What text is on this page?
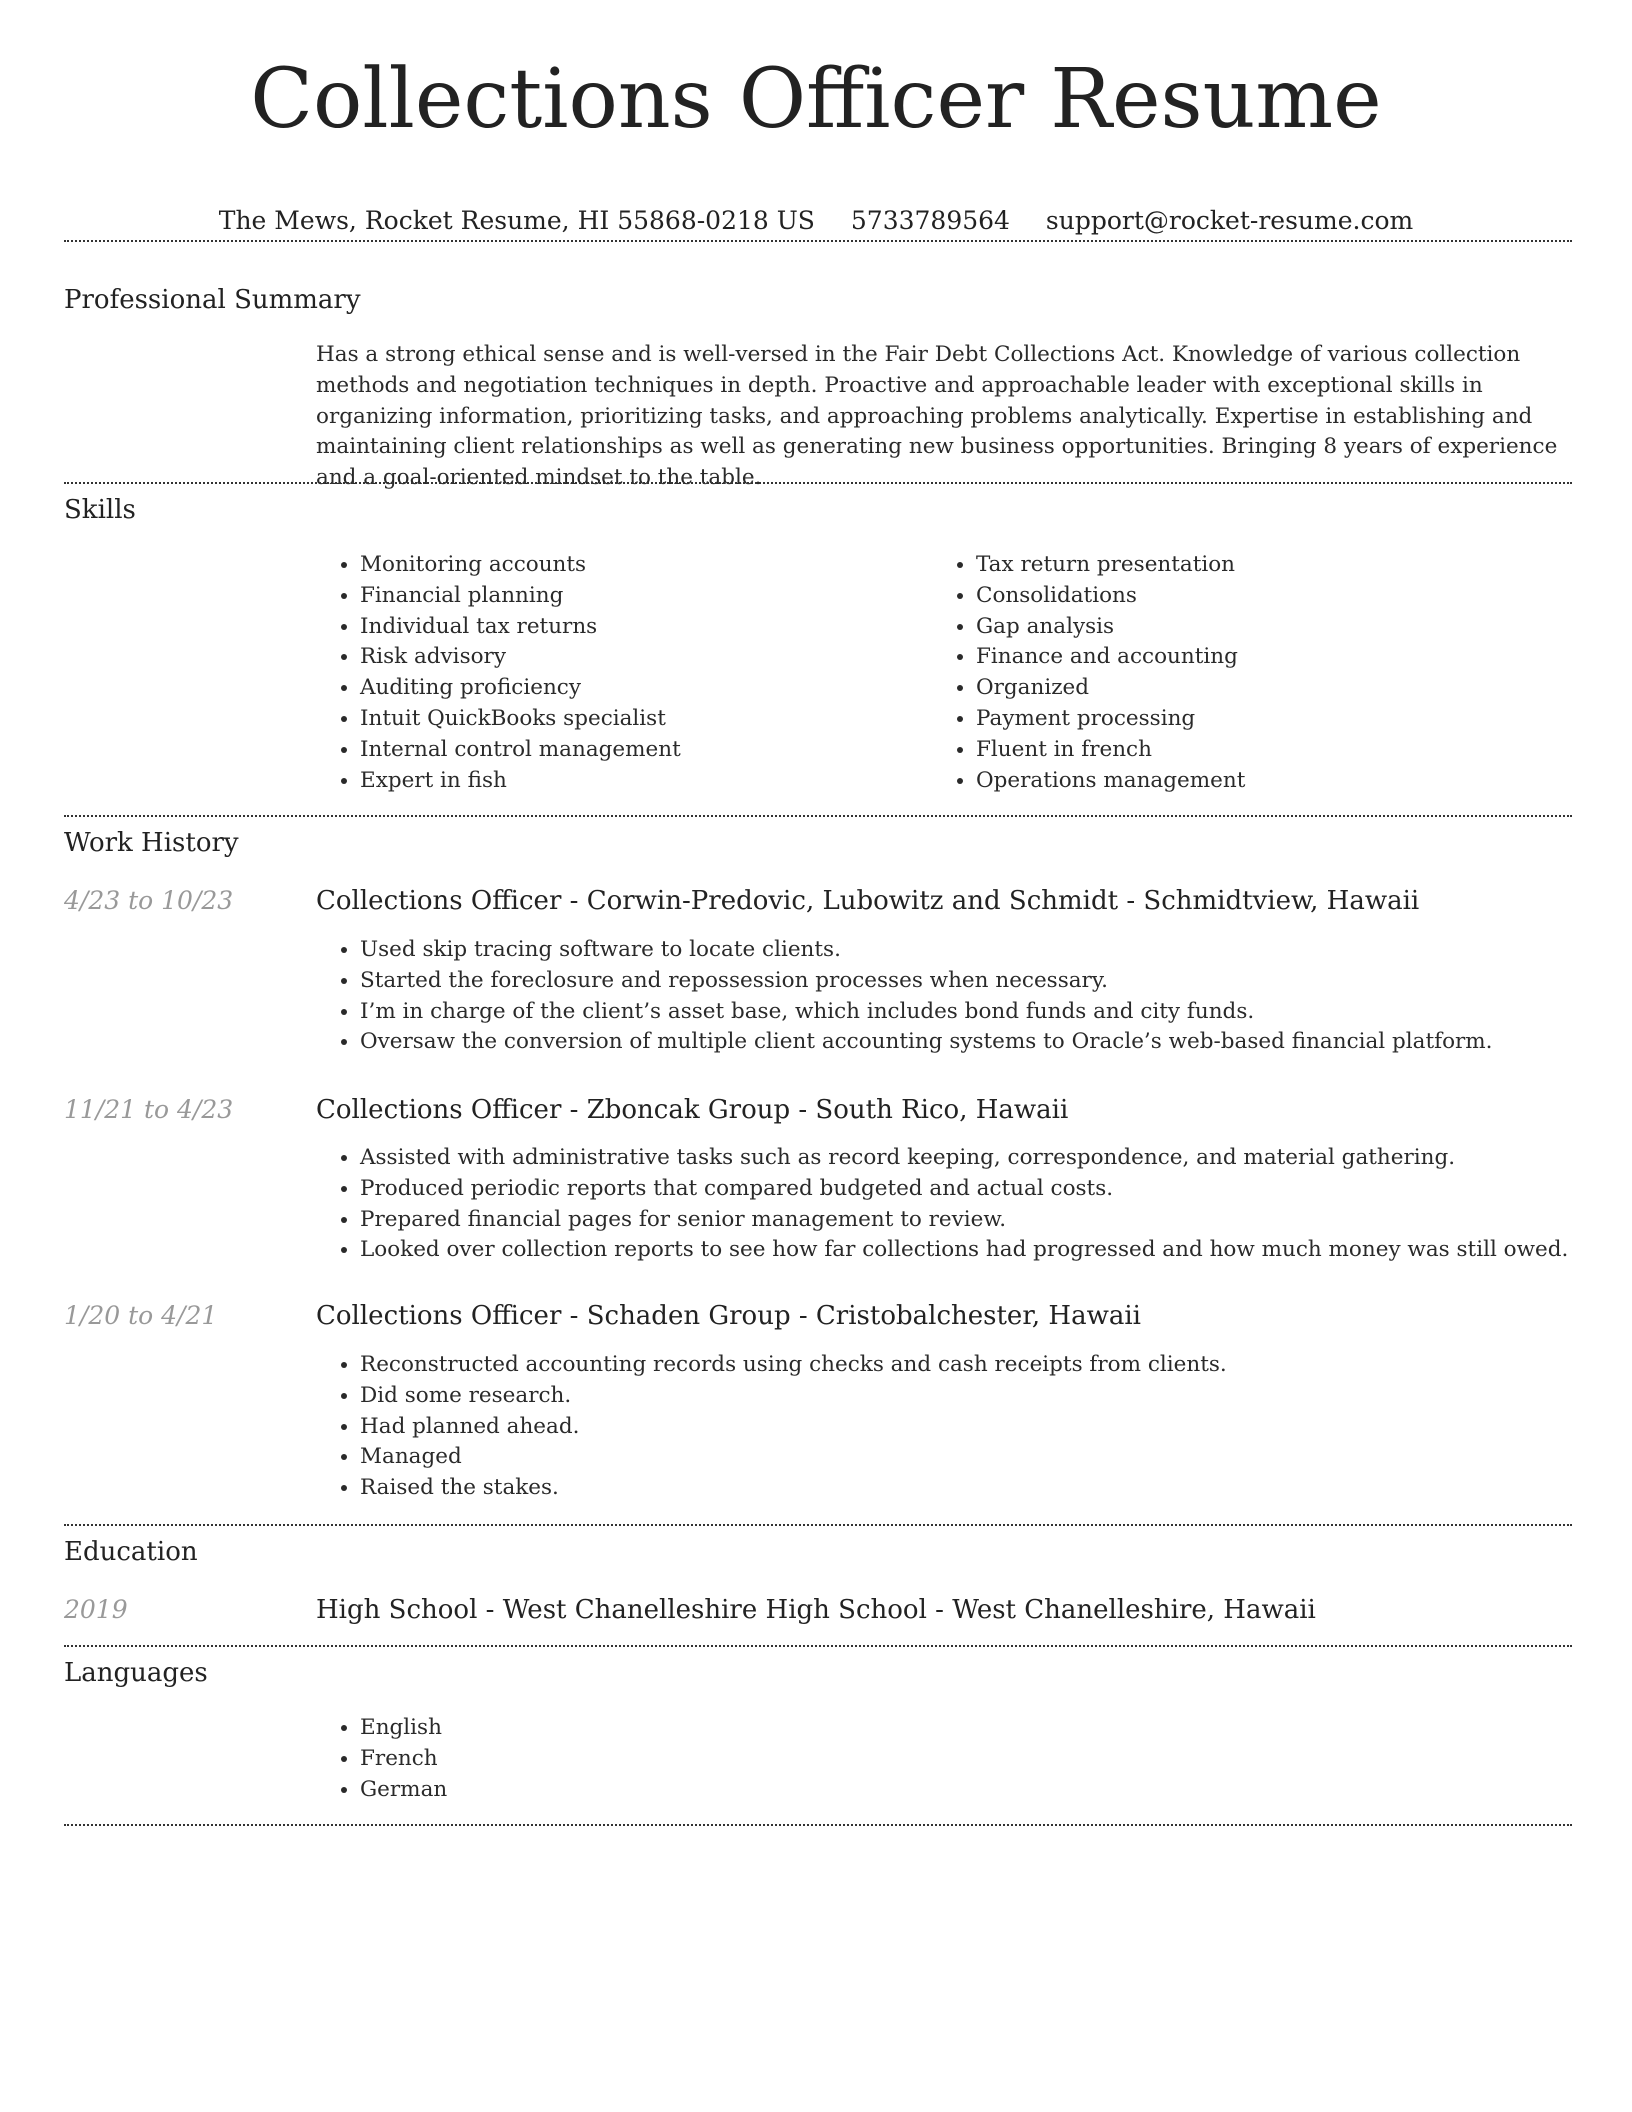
Collections Officer Resume
The Mews, Rocket Resume, HI 55868-0218 US 5733789564 support@rocket-resume.com
Professional Summary

Has a strong ethical sense and is well-versed in the Fair Debt Collections Act. Knowledge of various collection methods and negotiation techniques in depth. Proactive and approachable leader with exceptional skills in organizing information, prioritizing tasks, and approaching problems analytically. Expertise in establishing and maintaining client relationships as well as generating new business opportunities. Bringing 8 years of experience and a goal-oriented mindset to the table.

Skills
• Monitoring accounts
• Financial planning
• Individual tax returns
• Risk advisory
• Auditing proficiency
• Intuit QuickBooks specialist
• Internal control management
• Expert in fish
• Tax return presentation
• Consolidations
• Gap analysis
• Finance and accounting
• Organized
• Payment processing
• Fluent in french
• Operations management
Work History
4/23 to 10/23	Collections Officer - Corwin-Predovic, Lubowitz and Schmidt - Schmidtview, Hawaii
• Used skip tracing software to locate clients.
• Started the foreclosure and repossession processes when necessary.
• I’m in charge of the client’s asset base, which includes bond funds and city funds.
• Oversaw the conversion of multiple client accounting systems to Oracle’s web-based financial platform.
11/21 to 4/23	Collections Officer - Zboncak Group - South Rico, Hawaii
• Assisted with administrative tasks such as record keeping, correspondence, and material gathering.
• Produced periodic reports that compared budgeted and actual costs.
• Prepared financial pages for senior management to review.
• Looked over collection reports to see how far collections had progressed and how much money was still owed.
1/20 to 4/21	Collections Officer - Schaden Group - Cristobalchester, Hawaii
• Reconstructed accounting records using checks and cash receipts from clients.
• Did some research.
• Had planned ahead.
• Managed
• Raised the stakes.
Education
2019	High School - West Chanelleshire High School - West Chanelleshire, Hawaii
Languages
• English
• French
• German
